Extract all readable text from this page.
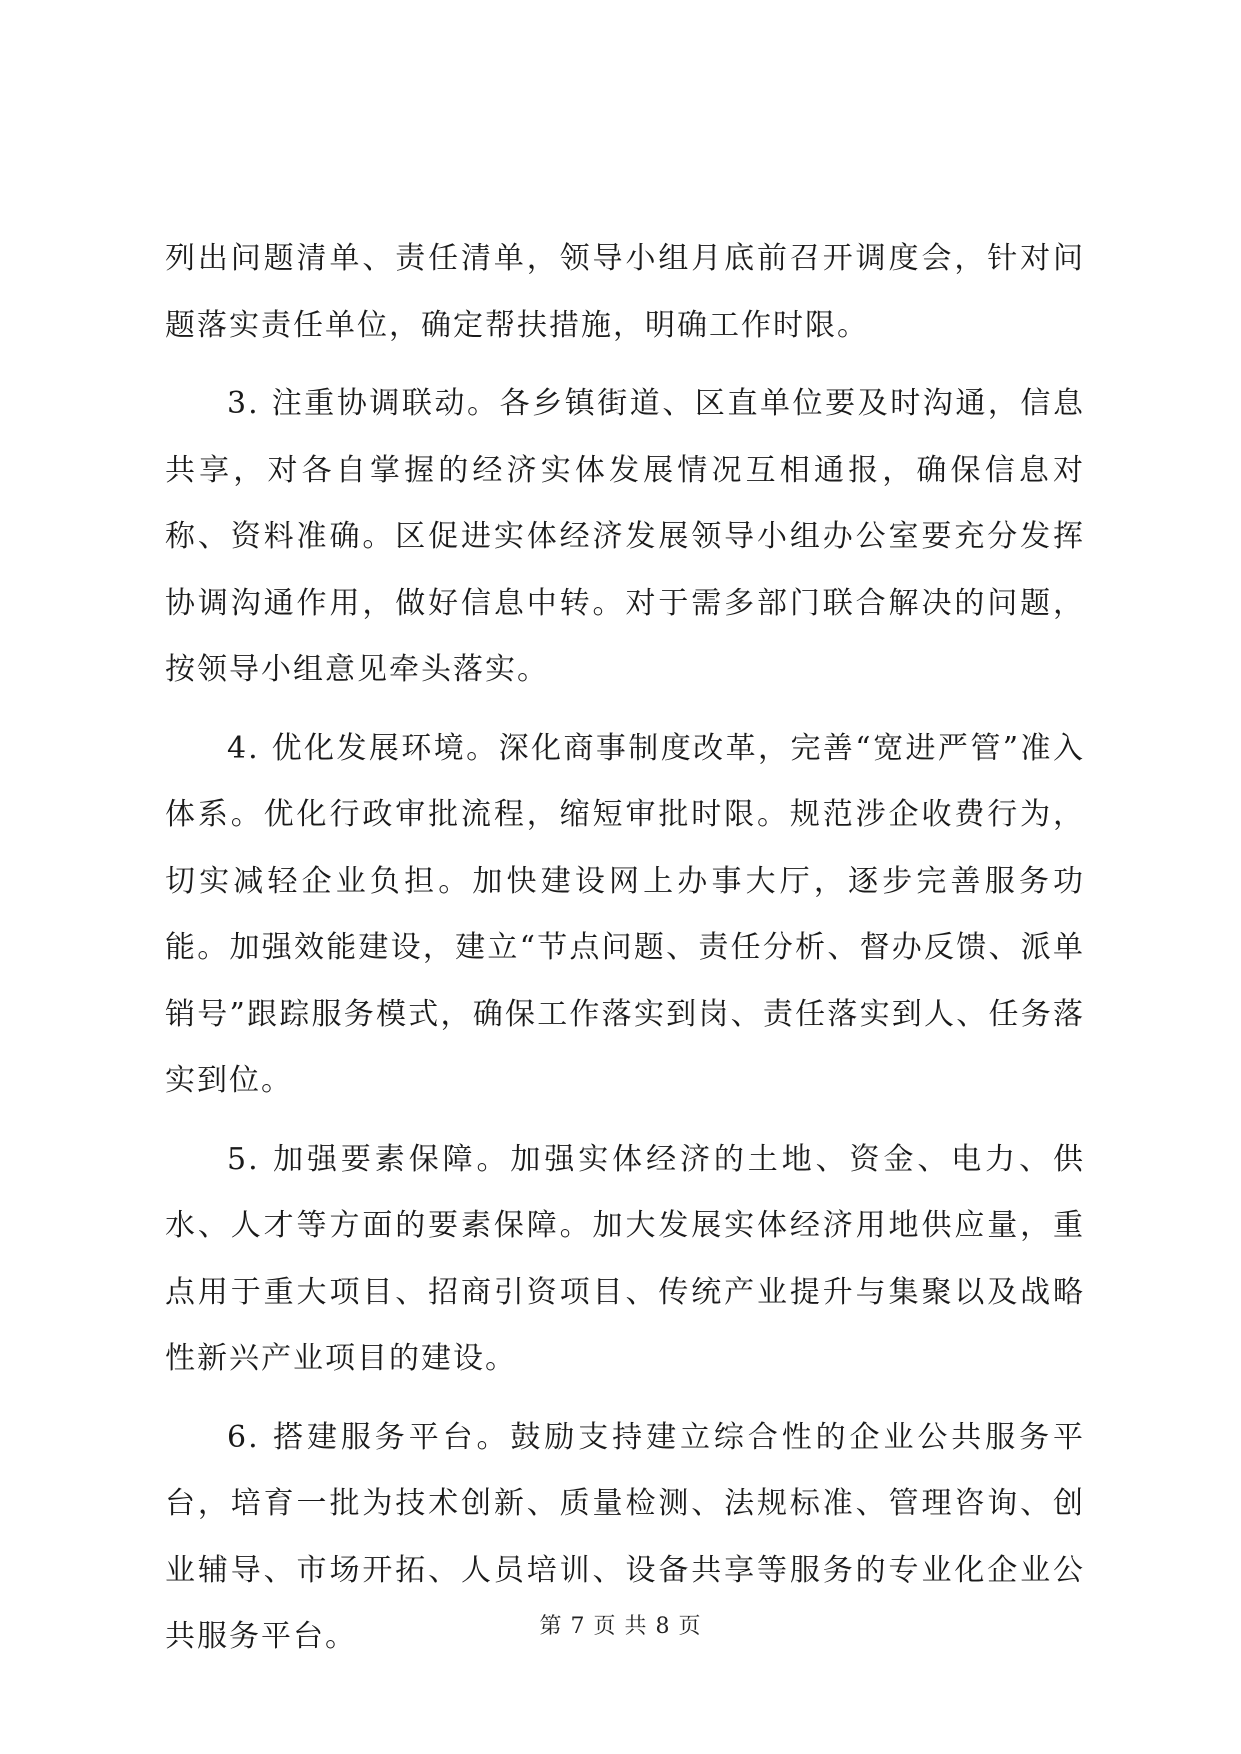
列出问题清单、责任清单，领导小组月底前召开调度会，针对问题落实责任单位，确定帮扶措施，明确工作时限。

3. 注重协调联动。各乡镇街道、区直单位要及时沟通，信息共享，对各自掌握的经济实体发展情况互相通报，确保信息对称、资料准确。区促进实体经济发展领导小组办公室要充分发挥协调沟通作用，做好信息中转。对于需多部门联合解决的问题，按领导小组意见牵头落实。

4. 优化发展环境。深化商事制度改革，完善“宽进严管”准入体系。优化行政审批流程，缩短审批时限。规范涉企收费行为，切实减轻企业负担。加快建设网上办事大厅，逐步完善服务功能。加强效能建设，建立“节点问题、责任分析、督办反馈、派单销号”跟踪服务模式，确保工作落实到岗、责任落实到人、任务落实到位。

5. 加强要素保障。加强实体经济的土地、资金、电力、供水、人才等方面的要素保障。加大发展实体经济用地供应量，重点用于重大项目、招商引资项目、传统产业提升与集聚以及战略性新兴产业项目的建设。

6. 搭建服务平台。鼓励支持建立综合性的企业公共服务平台，培育一批为技术创新、质量检测、法规标准、管理咨询、创业辅导、市场开拓、人员培训、设备共享等服务的专业化企业公共服务平台。	第 7 页 共 8 页
